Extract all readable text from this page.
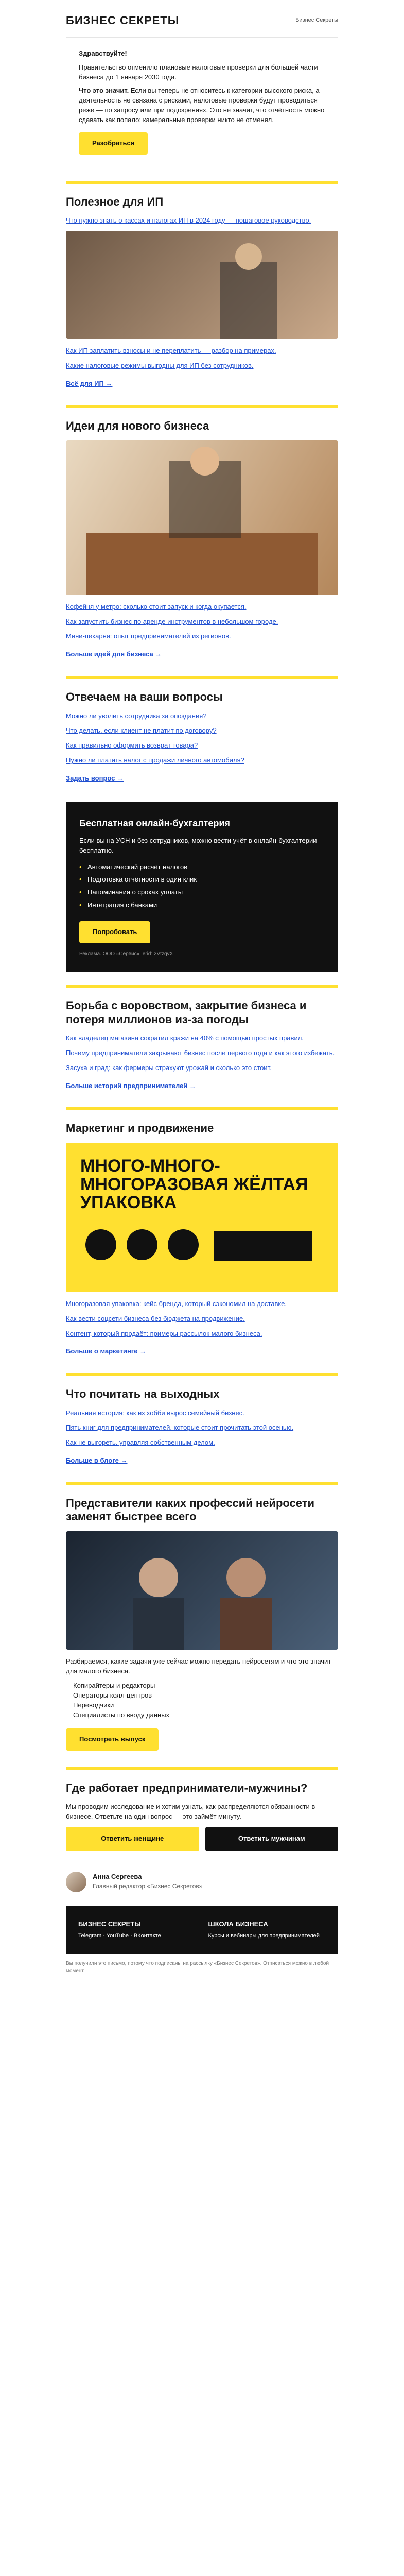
БИЗНЕС СЕКРЕТЫ	Бизнес Секреты

Здравствуйте!

Правительство отменило плановые налоговые проверки для большей части бизнеса до 1 января 2030 года.

Что это значит. Если вы теперь не относитесь к категории высокого риска, а деятельность не связана с рисками, налоговые проверки будут проводиться реже — по запросу или при подозрениях. Это не значит, что отчётность можно сдавать как попало: камеральные проверки никто не отменял.

Разобраться
Полезное для ИП

Что нужно знать о кассах и налогах ИП в 2024 году — пошаговое руководство.

Как ИП заплатить взносы и не переплатить — разбор на примерах.

Какие налоговые режимы выгодны для ИП без сотрудников.

Всё для ИП →
Идеи для нового бизнеса

Кофейня у метро: сколько стоит запуск и когда окупается.

Как запустить бизнес по аренде инструментов в небольшом городе.

Мини-пекарня: опыт предпринимателей из регионов.

Больше идей для бизнеса →
Отвечаем на ваши вопросы

Можно ли уволить сотрудника за опоздания?

Что делать, если клиент не платит по договору?

Как правильно оформить возврат товара?

Нужно ли платить налог с продажи личного автомобиля?

Задать вопрос →
Бесплатная онлайн-бухгалтерия

Если вы на УСН и без сотрудников, можно вести учёт в онлайн-бухгалтерии бесплатно.

• Автоматический расчёт налогов
• Подготовка отчётности в один клик
• Напоминания о сроках уплаты
• Интеграция с банками
Попробовать
Реклама. ООО «Сервис». erid: 2VtzqvX
Борьба с воровством, закрытие бизнеса и потеря миллионов из-за погоды

Как владелец магазина сократил кражи на 40% с помощью простых правил.

Почему предприниматели закрывают бизнес после первого года и как этого избежать.

Засуха и град: как фермеры страхуют урожай и сколько это стоит.

Больше историй предпринимателей →
Маркетинг и продвижение
МНОГО-МНОГО-МНОГОРАЗОВАЯ ЖЁЛТАЯ УПАКОВКА

Многоразовая упаковка: кейс бренда, который сэкономил на доставке.

Как вести соцсети бизнеса без бюджета на продвижение.

Контент, который продаёт: примеры рассылок малого бизнеса.

Больше о маркетинге →
Что почитать на выходных

Реальная история: как из хобби вырос семейный бизнес.

Пять книг для предпринимателей, которые стоит прочитать этой осенью.

Как не выгореть, управляя собственным делом.

Больше в блоге →
Представители каких профессий нейросети заменят быстрее всего

Разбираемся, какие задачи уже сейчас можно передать нейросетям и что это значит для малого бизнеса.

Копирайтеры и редакторы
Операторы колл-центров
Переводчики
Специалисты по вводу данных
Посмотреть выпуск
Где работает предприниматели-мужчины?

Мы проводим исследование и хотим узнать, как распределяются обязанности в бизнесе. Ответьте на один вопрос — это займёт минуту.

Ответить женщине	Ответить мужчинам
Анна Сергеева
Главный редактор «Бизнес Секретов»
БИЗНЕС СЕКРЕТЫ
Telegram · YouTube · ВКонтакте
ШКОЛА БИЗНЕСА
Курсы и вебинары для предпринимателей
Вы получили это письмо, потому что подписаны на рассылку «Бизнес Секретов». Отписаться можно в любой момент.
